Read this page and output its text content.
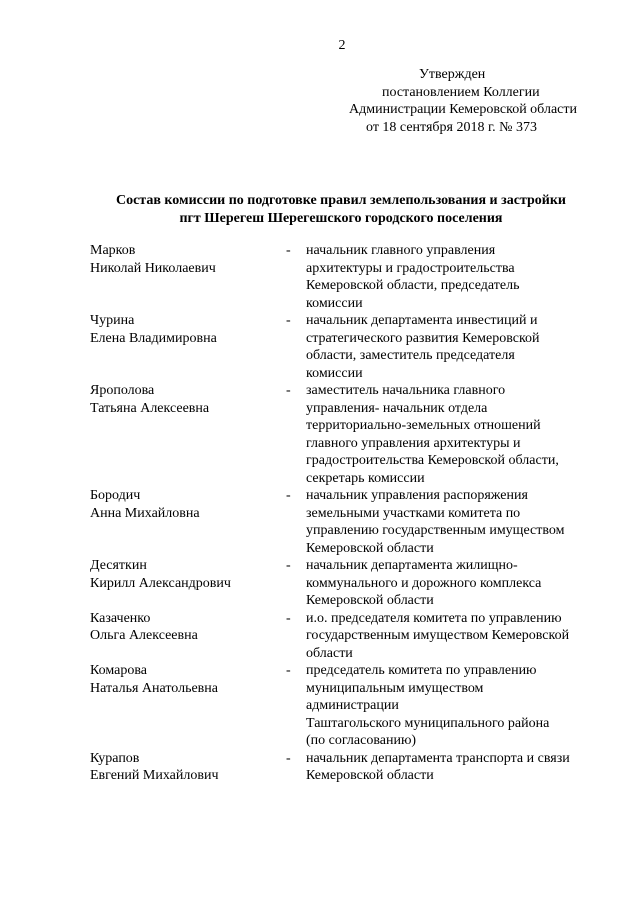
2
Утвержден
постановлением Коллегии
Администрации Кемеровской области
от 18 сентября 2018 г. № 373
Состав комиссии по подготовке правил землепользования и застройки
пгт Шерегеш Шерегешского городского поселения
Марков
Николай Николаевич
-	начальник главного управления
архитектуры и градостроительства
Кемеровской области, председатель
комиссии
Чурина
Елена Владимировна
-	начальник департамента инвестиций и
стратегического развития Кемеровской
области, заместитель председателя
комиссии
Ярополова
Татьяна Алексеевна
-	заместитель начальника главного
управления- начальник отдела
территориально-земельных отношений
главного управления архитектуры и
градостроительства Кемеровской области,
секретарь комиссии
Бородич
Анна Михайловна
-	начальник управления распоряжения
земельными участками комитета по
управлению государственным имуществом
Кемеровской области
Десяткин
Кирилл Александрович
-	начальник департамента жилищно-
коммунального и дорожного комплекса
Кемеровской области
Казаченко
Ольга Алексеевна
-	и.о. председателя комитета по управлению
государственным имуществом Кемеровской
области
Комарова
Наталья Анатольевна
-	председатель комитета по управлению
муниципальным имуществом
администрации
Таштагольского муниципального района
(по согласованию)
Курапов
Евгений Михайлович
-	начальник департамента транспорта и связи
Кемеровской области
